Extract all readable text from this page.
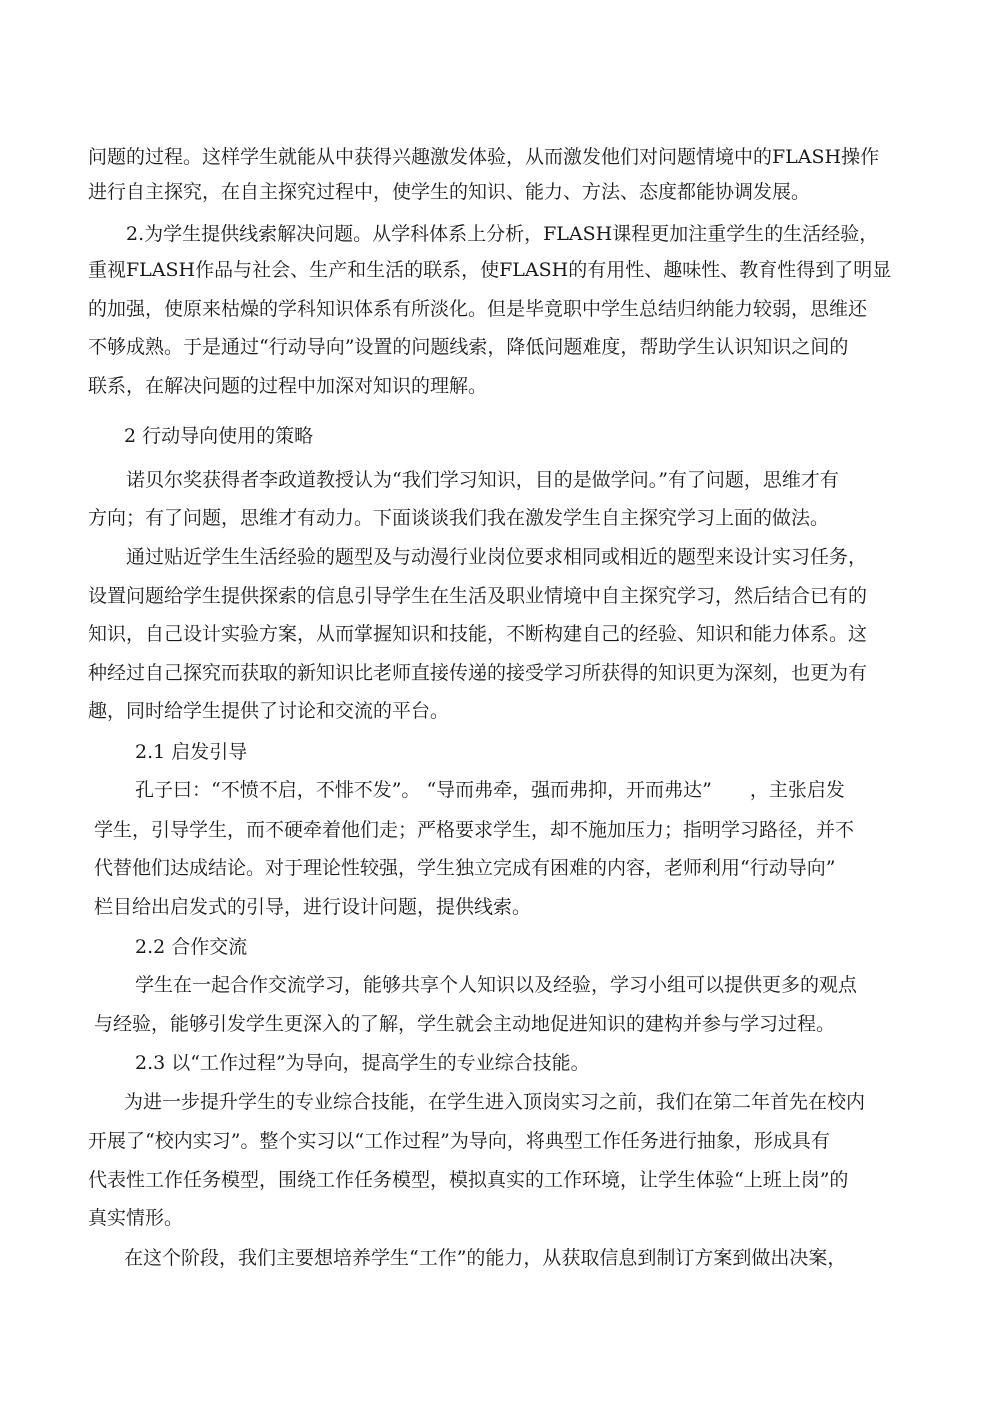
问题的过程。这样学生就能从中获得兴趣激发体验，从而激发他们对问题情境中的FLASH操作
进行自主探究，在自主探究过程中，使学生的知识、能力、方法、态度都能协调发展。
2.为学生提供线索解决问题。从学科体系上分析，FLASH课程更加注重学生的生活经验，
重视FLASH作品与社会、生产和生活的联系，使FLASH的有用性、趣味性、教育性得到了明显
的加强，使原来枯燥的学科知识体系有所淡化。但是毕竟职中学生总结归纳能力较弱，思维还
不够成熟。于是通过“行动导向”设置的问题线索，降低问题难度，帮助学生认识知识之间的
联系，在解决问题的过程中加深对知识的理解。
2 行动导向使用的策略
诺贝尔奖获得者李政道教授认为“我们学习知识，目的是做学问。”有了问题，思维才有
方向；有了问题，思维才有动力。下面谈谈我们我在激发学生自主探究学习上面的做法。
通过贴近学生生活经验的题型及与动漫行业岗位要求相同或相近的题型来设计实习任务，
设置问题给学生提供探索的信息引导学生在生活及职业情境中自主探究学习，然后结合已有的
知识，自己设计实验方案，从而掌握知识和技能，不断构建自己的经验、知识和能力体系。这
种经过自己探究而获取的新知识比老师直接传递的接受学习所获得的知识更为深刻，也更为有
趣，同时给学生提供了讨论和交流的平台。
2.1 启发引导
孔子曰：“不愤不启，不悱不发”。 “导而弗牵，强而弗抑，开而弗达”　　，主张启发
学生，引导学生，而不硬牵着他们走；严格要求学生，却不施加压力；指明学习路径，并不
代替他们达成结论。对于理论性较强，学生独立完成有困难的内容，老师利用“行动导向”
栏目给出启发式的引导，进行设计问题，提供线索。
2.2 合作交流
学生在一起合作交流学习，能够共享个人知识以及经验，学习小组可以提供更多的观点
与经验，能够引发学生更深入的了解，学生就会主动地促进知识的建构并参与学习过程。
2.3 以“工作过程”为导向，提高学生的专业综合技能。
为进一步提升学生的专业综合技能，在学生进入顶岗实习之前，我们在第二年首先在校内
开展了“校内实习”。整个实习以“工作过程”为导向，将典型工作任务进行抽象，形成具有
代表性工作任务模型，围绕工作任务模型，模拟真实的工作环境，让学生体验“上班上岗”的
真实情形。
在这个阶段，我们主要想培养学生“工作”的能力，从获取信息到制订方案到做出决案，
